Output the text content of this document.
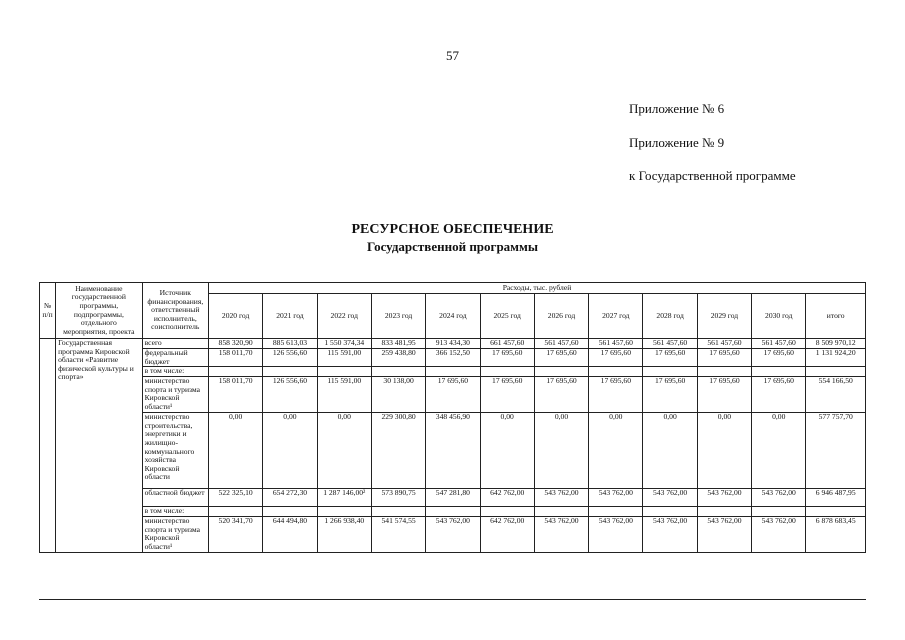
57
Приложение № 6
Приложение № 9
к Государственной программе
РЕСУРСНОЕ ОБЕСПЕЧЕНИЕ
Государственной программы
№ п/п	Наименование государственной программы, подпрограммы, отдельного мероприятия, проекта	Источник финансирования, ответственный исполнитель, соисполнитель	Расходы, тыс. рублей											
			2020 год	2021 год	2022 год	2023 год	2024 год	2025 год	2026 год	2027 год	2028 год	2029 год	2030 год	итого
	Государственная программа Кировской области «Развитие физической культуры и спорта»	всего	858 320,90	885 613,03	1 550 374,34	833 481,95	913 434,30	661 457,60	561 457,60	561 457,60	561 457,60	561 457,60	561 457,60	8 509 970,12
		федеральный бюджет	158 011,70	126 556,60	115 591,00	259 438,80	366 152,50	17 695,60	17 695,60	17 695,60	17 695,60	17 695,60	17 695,60	1 131 924,20
		в том числе:												
		министерство спорта и туризма Кировской области¹	158 011,70	126 556,60	115 591,00	30 138,00	17 695,60	17 695,60	17 695,60	17 695,60	17 695,60	17 695,60	17 695,60	554 166,50
		министерство строительства, энергетики и жилищно-коммунального хозяйства Кировской области	0,00	0,00	0,00	229 300,80	348 456,90	0,00	0,00	0,00	0,00	0,00	0,00	577 757,70
		областной бюджет	522 325,10	654 272,30	1 287 146,00²	573 890,75	547 281,80	642 762,00	543 762,00	543 762,00	543 762,00	543 762,00	543 762,00	6 946 487,95
		в том числе:												
		министерство спорта и туризма Кировской области¹	520 341,70	644 494,80	1 266 938,40	541 574,55	543 762,00	642 762,00	543 762,00	543 762,00	543 762,00	543 762,00	543 762,00	6 878 683,45
